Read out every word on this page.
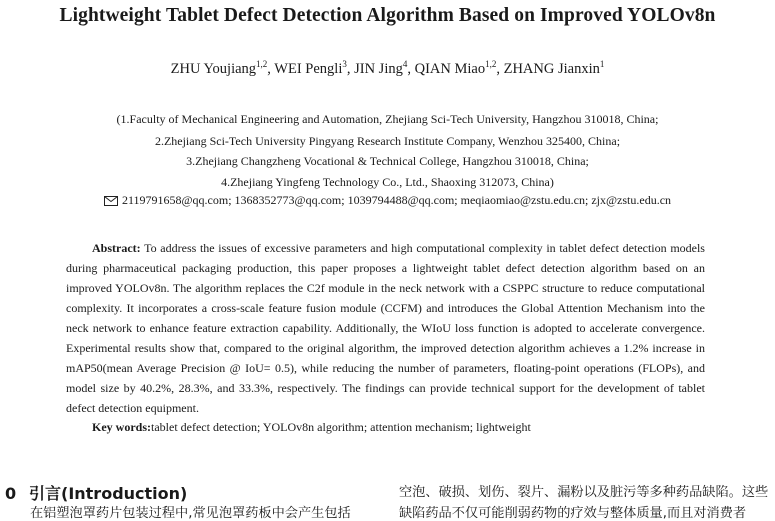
Lightweight Tablet Defect Detection Algorithm Based on Improved YOLOv8n
ZHU Youjiang$^{1,2}$, WEI Pengli$^3$, JIN Jing$^4$, QIAN Miao$^{1,2}$, ZHANG Jianxin$^1$
(1.Faculty of Mechanical Engineering and Automation, Zhejiang Sci-Tech University, Hangzhou 310018, China;
2.Zhejiang Sci-Tech University Pingyang Research Institute Company, Wenzhou 325400, China;
3.Zhejiang Changzheng Vocational & Technical College, Hangzhou 310018, China;
4.Zhejiang Yingfeng Technology Co., Ltd., Shaoxing 312073, China)
2119791658@qq.com; 1368352773@qq.com; 1039794488@qq.com; meqiaomiao@zstu.edu.cn; zjx@zstu.edu.cn
Abstract: To address the issues of excessive parameters and high computational complexity in tablet defect detection models during pharmaceutical packaging production, this paper proposes a lightweight tablet defect detection algorithm based on an improved YOLOv8n. The algorithm replaces the C2f module in the neck network with a CSPPC structure to reduce computational complexity. It incorporates a cross-scale feature fusion module (CCFM) and introduces the Global Attention Mechanism into the neck network to enhance feature extraction capability. Additionally, the WIoU loss function is adopted to accelerate convergence. Experimental results show that, compared to the original algorithm, the improved detection algorithm achieves a 1.2% increase in mAP50(mean Average Precision @ IoU= 0.5), while reducing the number of parameters, floating-point operations (FLOPs), and model size by 40.2%, 28.3%, and 33.3%, respectively. The findings can provide technical support for the development of tablet defect detection equipment.
Key words:tablet defect detection; YOLOv8n algorithm; attention mechanism; lightweight
0 引言(Introduction)
在铝塑泡罩药片包装过程中,常见泡罩药板中会产生包括
空泡、破损、划伤、裂片、漏粉以及脏污等多种药品缺陷。这些
缺陷药品不仅可能削弱药物的疗效与整体质量,而且对消费者
